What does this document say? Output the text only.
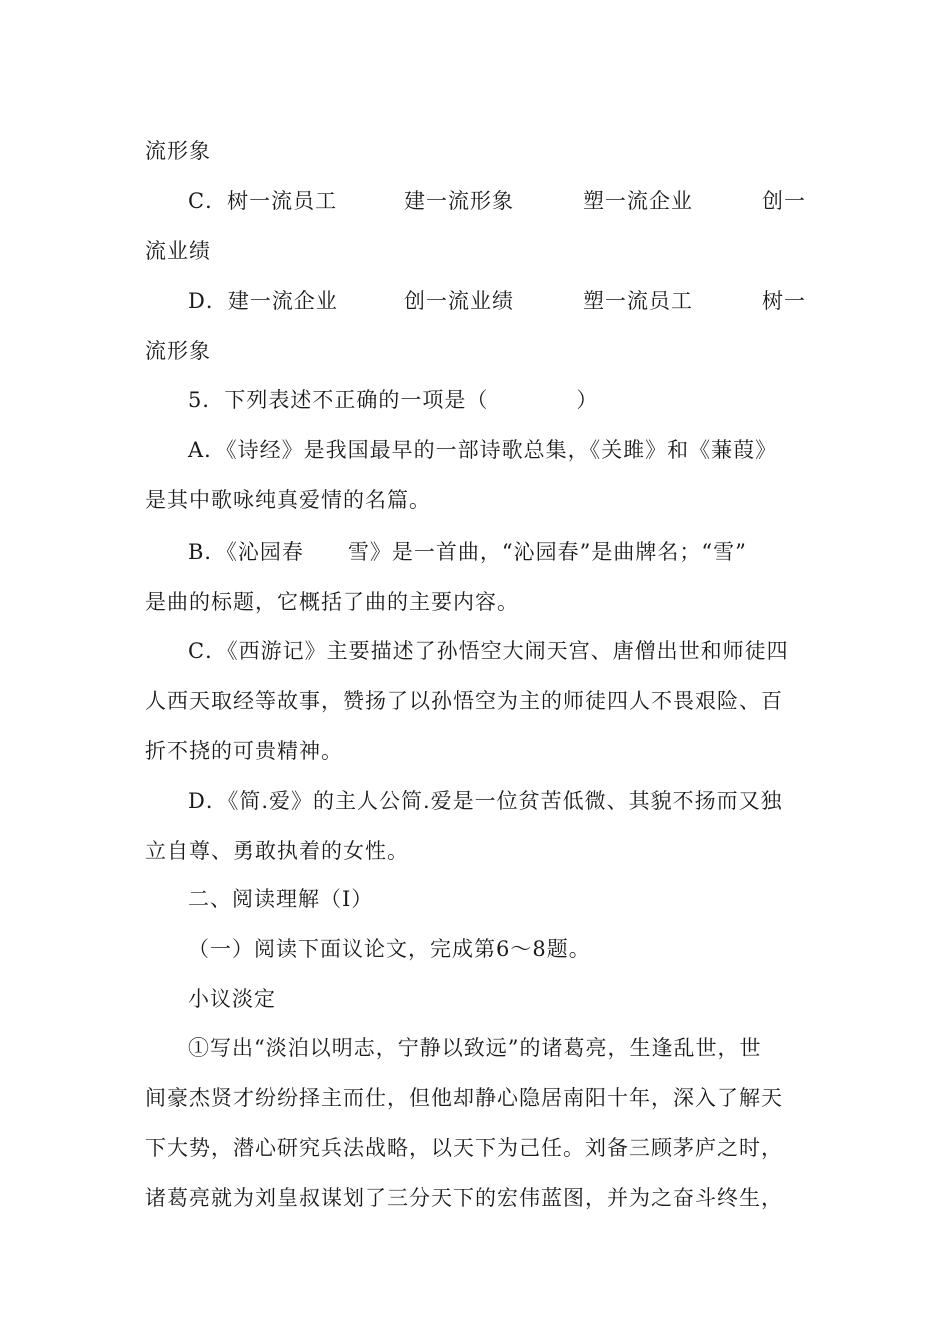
流形象
C．树一流员工	建一流形象	塑一流企业	创一
流业绩
D．建一流企业	创一流业绩	塑一流员工	树一
流形象
5．下列表述不正确的一项是（　　　　）
A．《诗经》是我国最早的一部诗歌总集，《关雎》和《蒹葭》
是其中歌咏纯真爱情的名篇。
B．《沁园春　　雪》是一首曲，“沁园春”是曲牌名；“雪”
是曲的标题，它概括了曲的主要内容。
C．《西游记》主要描述了孙悟空大闹天宫、唐僧出世和师徒四
人西天取经等故事，赞扬了以孙悟空为主的师徒四人不畏艰险、百
折不挠的可贵精神。
D．《简.爱》的主人公简.爱是一位贫苦低微、其貌不扬而又独
立自尊、勇敢执着的女性。
二、阅读理解（Ⅰ）
（一）阅读下面议论文，完成第6～8题。
小议淡定
①写出“淡泊以明志，宁静以致远”的诸葛亮，生逢乱世，世
间豪杰贤才纷纷择主而仕，但他却静心隐居南阳十年，深入了解天
下大势，潜心研究兵法战略，以天下为己任。刘备三顾茅庐之时，
诸葛亮就为刘皇叔谋划了三分天下的宏伟蓝图，并为之奋斗终生，
